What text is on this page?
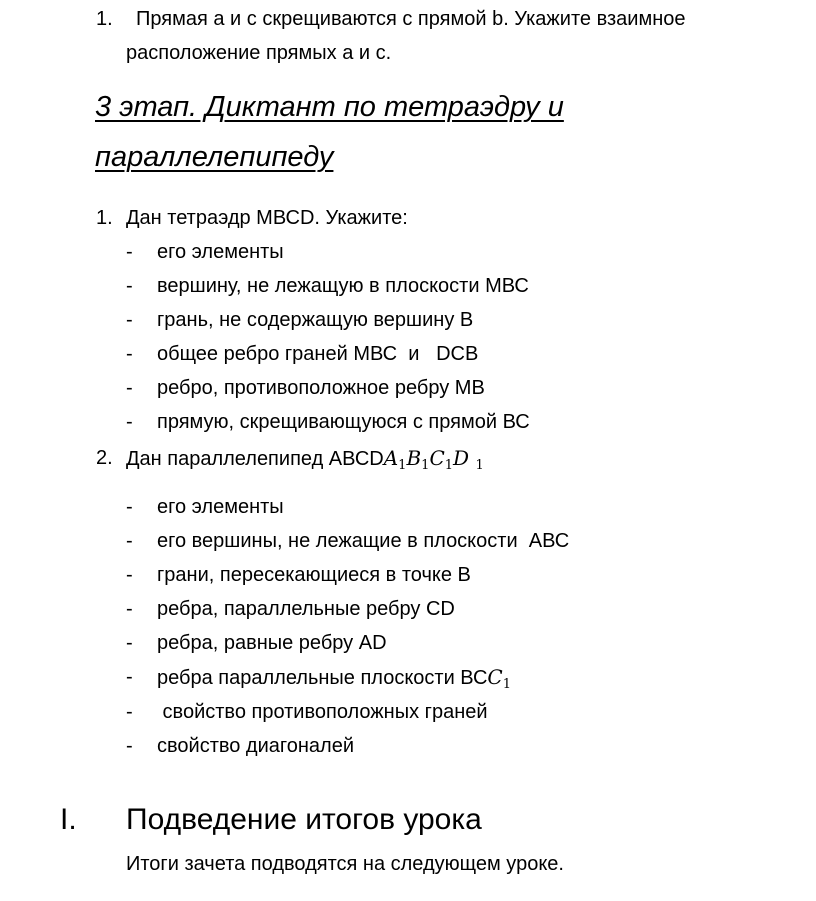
1. Прямая а и с скрещиваются с прямой b. Укажите взаимное
расположение прямых а и с.
3 этап. Диктант по тетраэдру и
параллелепипеду
1. Дан тетраэдр МВСD. Укажите:
- его элементы
- вершину, не лежащую в плоскости МВС
- грань, не содержащую вершину В
- общее ребро граней МВС  и   DСВ
- ребро, противоположное ребру МВ
- прямую, скрещивающуюся с прямой ВС
2. Дан параллелепипед $АВСDA_1B_1C_1D$ $_1$
- его элементы
- его вершины, не лежащие в плоскости  АВС
- грани, пересекающиеся в точке В
- ребра, параллельные ребру СD
- ребра, равные ребру АD
- ребра параллельные плоскости $ВСC_1$
- свойство противоположных граней
- свойство диагоналей
I. Подведение итогов урока
Итоги зачета подводятся на следующем уроке.
